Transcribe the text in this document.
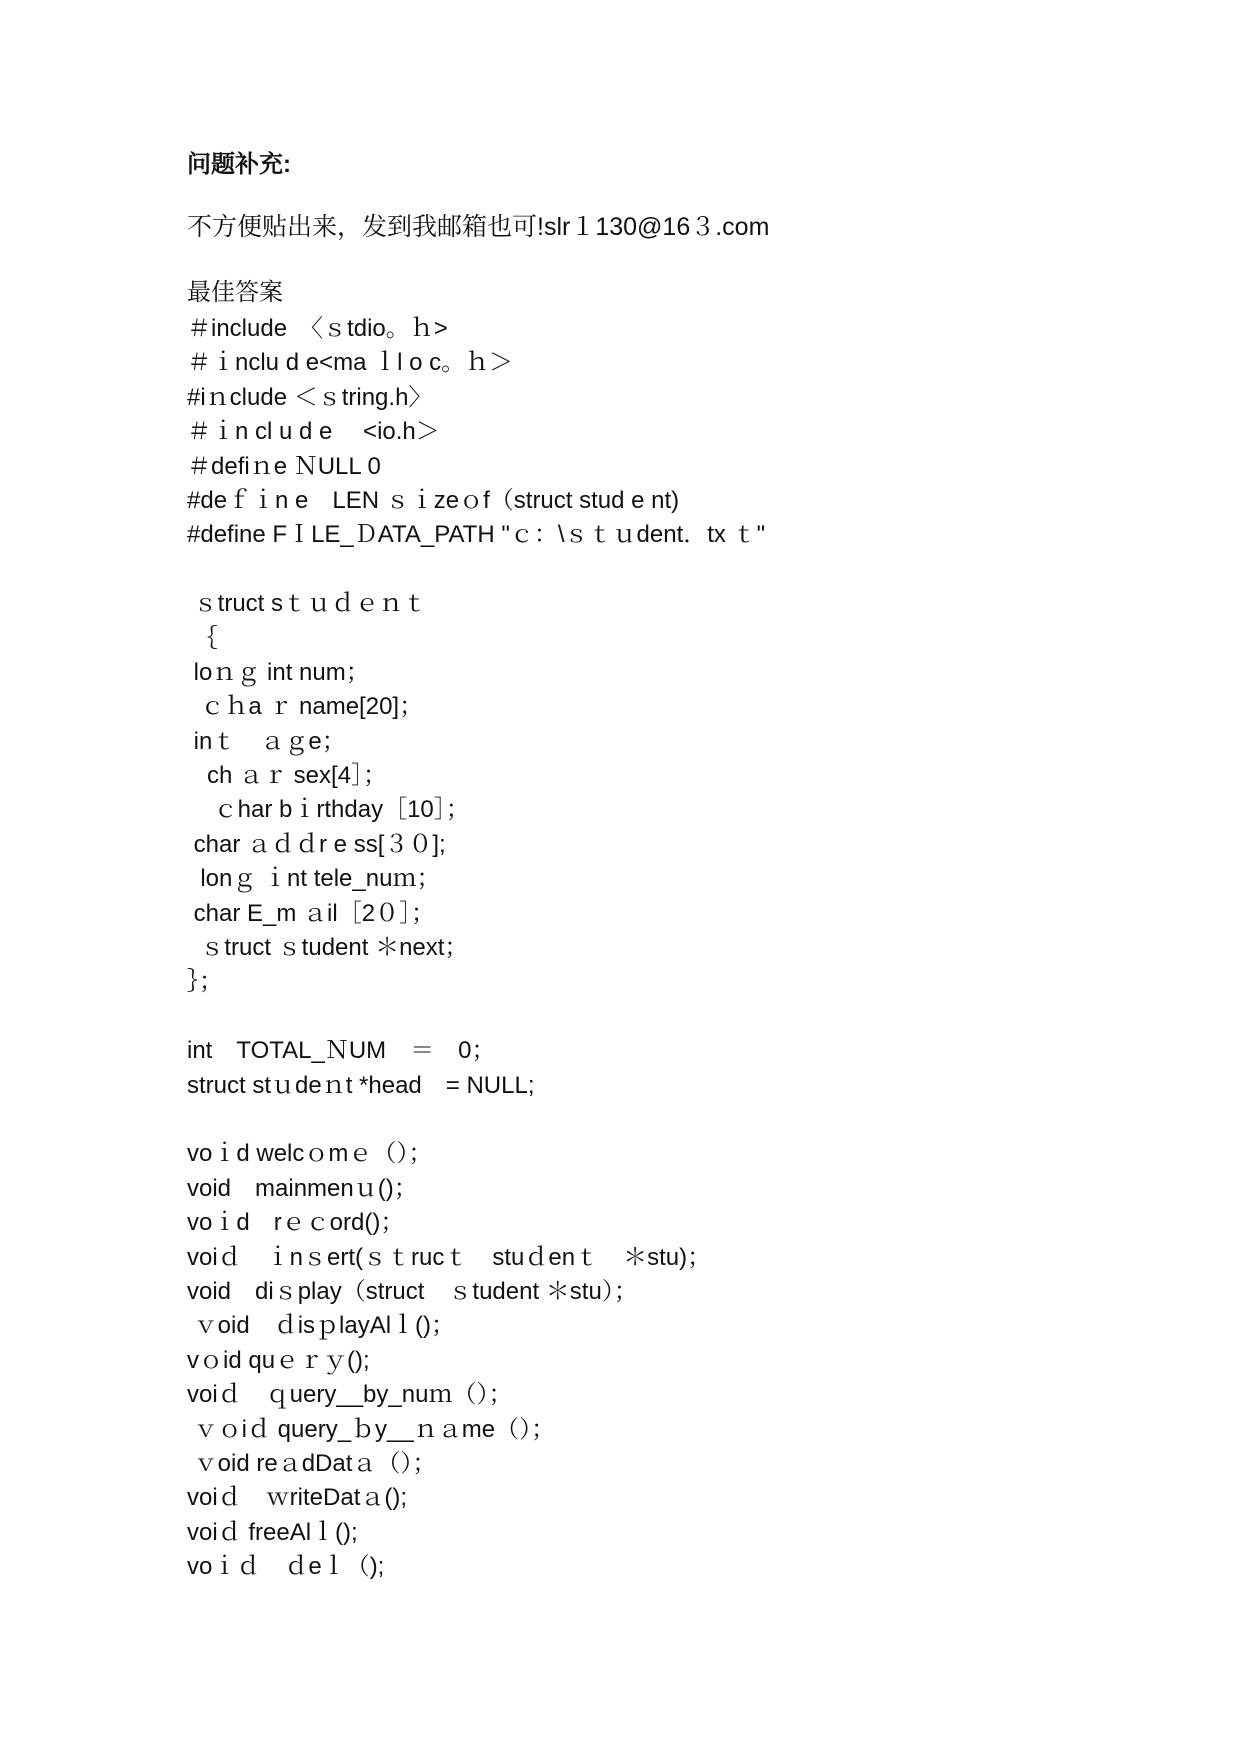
问题补充:
不方便贴出来，发到我邮箱也可!slr１130@16３.com
最佳答案
＃include　〈ｓtdio。ｈ>
＃ｉnclu d e<ma ｌl o c。ｈ＞
#iｎclude ＜ｓtring.h〉
＃ｉn cl u d e　 <io.h＞
＃defiｎe ＮULL 0
#deｆｉn e　LEN ｓｉzeｏf（struct stud e nt)
#define FＩLE_ＤATA_PATH "ｃ：\ｓｔｕdent．tx ｔ"
ｓtruct sｔｕｄｅｎｔ
｛
loｎｇ int num；
ｃｈa ｒ name[20]；
inｔ　ａｇe；
ch ａｒ sex[4］；
ｃhar bｉrthday［10］；
char ａｄｄr e ss[３０];
lonｇ ｉnt tele_nuｍ；
char E_m ａil［2０］；
ｓtruct ｓtudent ＊next；
｝；
int　TOTAL_ＮUM　＝　0；
struct stｕdeｎt *head　= NULL;
voｉd welcｏmｅ（）；
void　mainmenｕ()；
voｉd　rｅｃord()；
voiｄ　ｉnｓert(ｓｔrucｔ　stuｄenｔ　＊stu)；
void　diｓplay（struct　ｓtudent ＊stu）；
ｖoid　ｄisｐlayAlｌ()；
vｏid quｅｒｙ();
voiｄ　ｑuery__by_nuｍ（）；
ｖｏiｄ query_ｂy__ｎａme（）；
ｖoid reａdDatａ（）；
voiｄ　ｗriteDatａ();
voiｄ freeAlｌ();
voｉｄ　ｄeｌ（);
